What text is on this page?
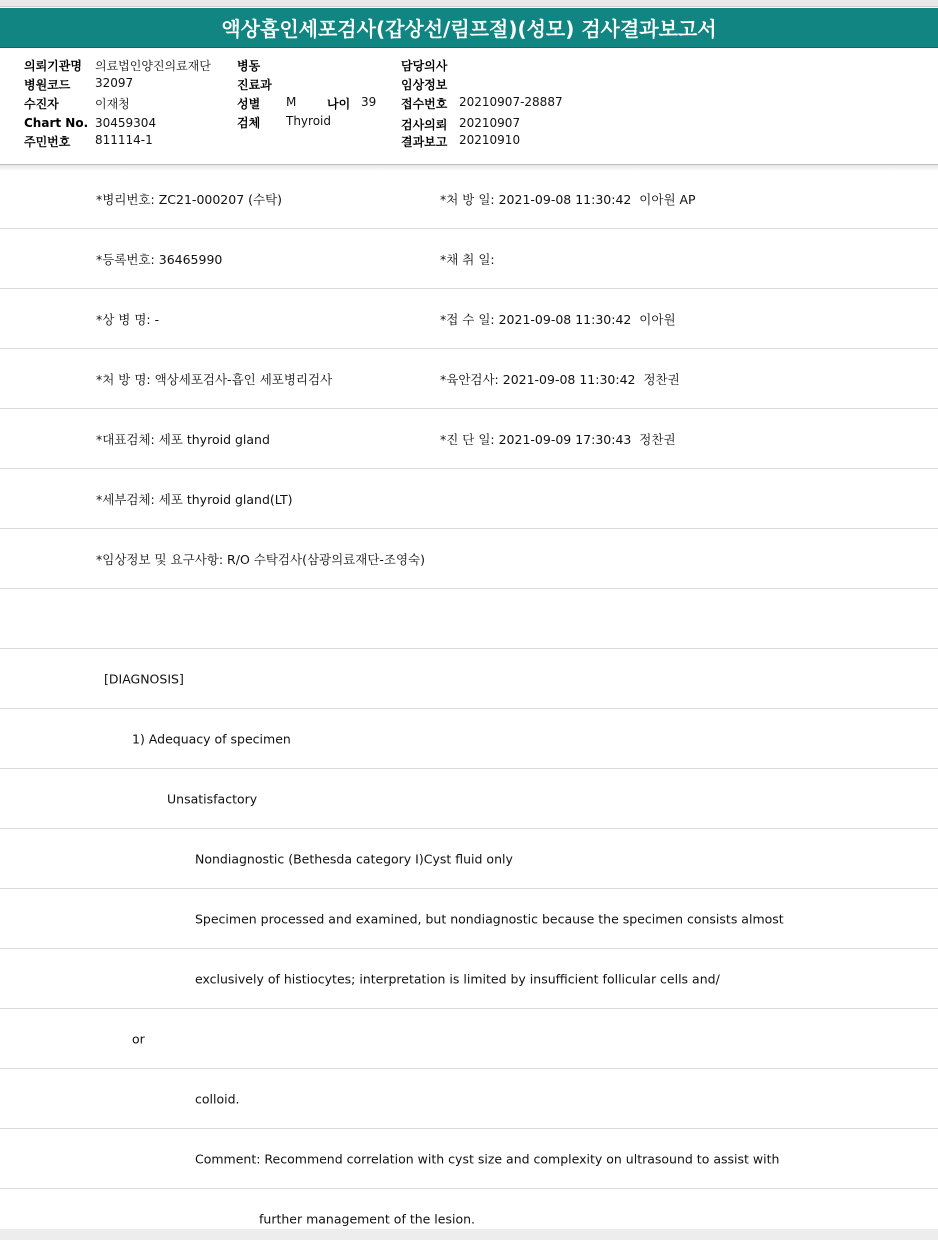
액상흡인세포검사(갑상선/림프절)(성모) 검사결과보고서
의뢰기관명 의료법인양진의료재단
병원코드 32097
수진자	이재청
Chart No. 30459304
주민번호 811114-1
병동
진료과
성별 M	나이 39
검체 Thyroid
담당의사
임상정보
접수번호 20210907-28887
검사의뢰 20210907
결과보고 20210910
*병리번호: ZC21-000207 (수탁)	*처 방 일: 2021-09-08 11:30:42  이아원 AP
*등록번호: 36465990	*채 취 일:
*상 병 명: -	*접 수 일: 2021-09-08 11:30:42  이아원
*처 방 명: 액상세포검사-흡인 세포병리검사	*육안검사: 2021-09-08 11:30:42  정찬권
*대표검체: 세포 thyroid gland	*진 단 일: 2021-09-09 17:30:43  정찬권
*세부검체: 세포 thyroid gland(LT)
*임상정보 및 요구사항: R/O 수탁검사(삼광의료재단-조영숙)
[DIAGNOSIS]
1) Adequacy of specimen
Unsatisfactory
Nondiagnostic (Bethesda category I)Cyst fluid only
Specimen processed and examined, but nondiagnostic because the specimen consists almost
exclusively of histiocytes; interpretation is limited by insufficient follicular cells and/
or
colloid.
Comment: Recommend correlation with cyst size and complexity on ultrasound to assist with
further management of the lesion.
